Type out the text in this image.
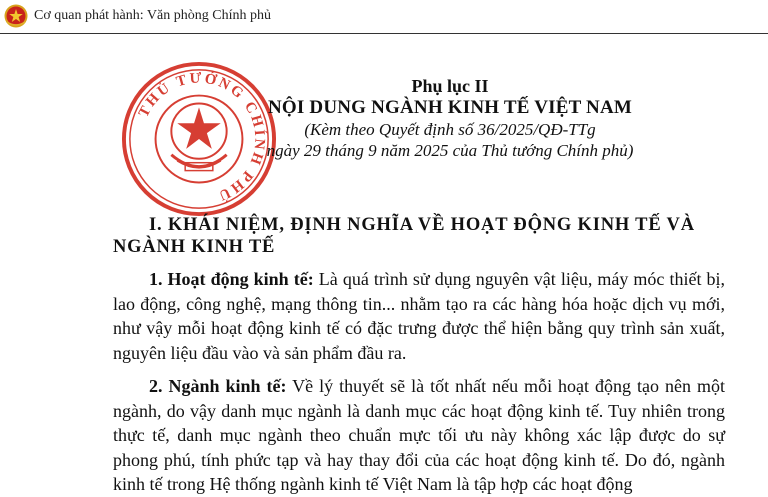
Cơ quan phát hành: Văn phòng Chính phủ
THỦ TƯỚNG CHÍNH PHỦ
Phụ lục II
NỘI DUNG NGÀNH KINH TẾ VIỆT NAM
(Kèm theo Quyết định số 36/2025/QĐ-TTg
ngày 29 tháng 9 năm 2025 của Thủ tướng Chính phủ)
I. KHÁI NIỆM, ĐỊNH NGHĨA VỀ HOẠT ĐỘNG KINH TẾ VÀ NGÀNH KINH TẾ
1. Hoạt động kinh tế: Là quá trình sử dụng nguyên vật liệu, máy móc thiết bị, lao động, công nghệ, mạng thông tin... nhằm tạo ra các hàng hóa hoặc dịch vụ mới, như vậy mỗi hoạt động kinh tế có đặc trưng được thể hiện bằng quy trình sản xuất, nguyên liệu đầu vào và sản phẩm đầu ra.
2. Ngành kinh tế: Về lý thuyết sẽ là tốt nhất nếu mỗi hoạt động tạo nên một ngành, do vậy danh mục ngành là danh mục các hoạt động kinh tế. Tuy nhiên trong thực tế, danh mục ngành theo chuẩn mực tối ưu này không xác lập được do sự phong phú, tính phức tạp và hay thay đổi của các hoạt động kinh tế. Do đó, ngành kinh tế trong Hệ thống ngành kinh tế Việt Nam là tập hợp các hoạt động
